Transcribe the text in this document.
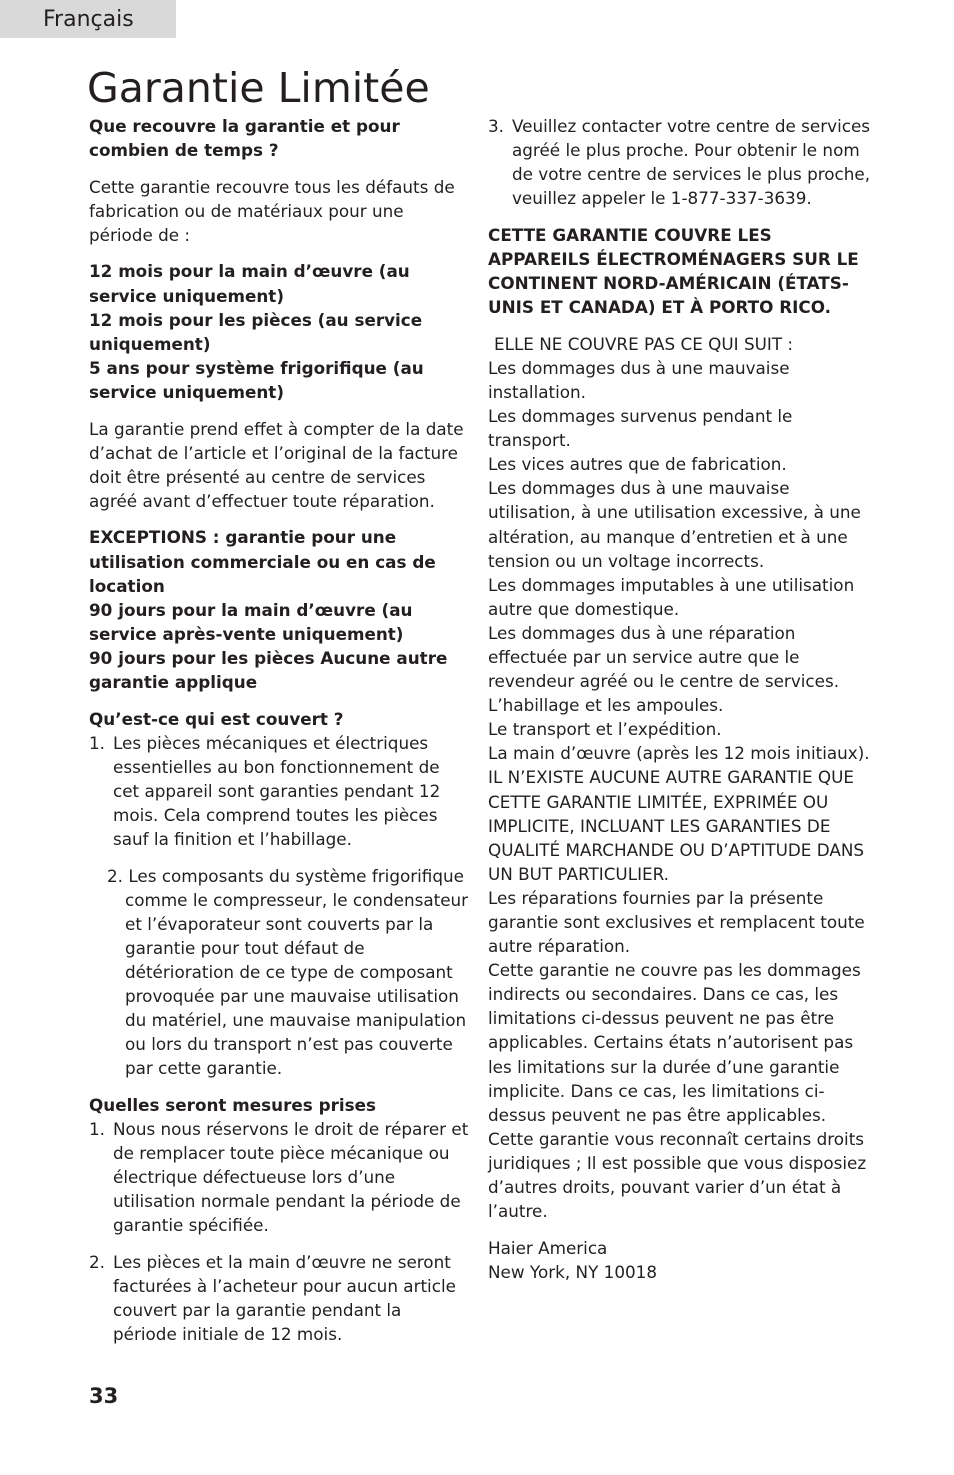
Français
Garantie Limitée

Que recouvre la garantie et pour combien de temps ?

Cette garantie recouvre tous les défauts de fabrication ou de matériaux pour une période de :

12 mois pour la main d’œuvre (au service uniquement)

12 mois pour les pièces (au service uniquement)

5 ans pour système frigorifique (au service uniquement)

La garantie prend effet à compter de la date d’achat de l’article et l’original de la facture doit être présenté au centre de services agréé avant d’effectuer toute réparation.

EXCEPTIONS : garantie pour une utilisation commerciale ou en cas de location

90 jours pour la main d’œuvre (au service après-vente uniquement)

90 jours pour les pièces Aucune autre

garantie applique

Qu’est-ce qui est couvert ?

1. Les pièces mécaniques et électriques essentielles au bon fonctionnement de cet appareil sont garanties pendant 12 mois. Cela comprend toutes les pièces sauf la finition et l’habillage.
2. Les composants du système frigorifique comme le compresseur, le condensateur et l’évaporateur sont couverts par la garantie pour tout défaut de détérioration de ce type de composant provoquée par une mauvaise utilisation du matériel, une mauvaise manipulation ou lors du transport n’est pas couverte par cette garantie.

Quelles seront mesures prises

1. Nous nous réservons le droit de réparer et de remplacer toute pièce mécanique ou électrique défectueuse lors d’une utilisation normale pendant la période de garantie spécifiée.
2. Les pièces et la main d’œuvre ne seront facturées à l’acheteur pour aucun article couvert par la garantie pendant la période initiale de 12 mois.
3. Veuillez contacter votre centre de services agréé le plus proche. Pour obtenir le nom de votre centre de services le plus proche, veuillez appeler le 1-877-337-3639.

CETTE GARANTIE COUVRE LES APPAREILS ÉLECTROMÉNAGERS SUR LE CONTINENT NORD-AMÉRICAIN (ÉTATS-UNIS ET CANADA) ET À PORTO RICO.

ELLE NE COUVRE PAS CE QUI SUIT :

Les dommages dus à une mauvaise installation.

Les dommages survenus pendant le transport.

Les vices autres que de fabrication.

Les dommages dus à une mauvaise utilisation, à une utilisation excessive, à une altération, au manque d’entretien et à une tension ou un voltage incorrects.

Les dommages imputables à une utilisation autre que domestique.

Les dommages dus à une réparation effectuée par un service autre que le revendeur agréé ou le centre de services.

L’habillage et les ampoules.

Le transport et l’expédition.

La main d’œuvre (après les 12 mois initiaux).

IL N’EXISTE AUCUNE AUTRE GARANTIE QUE CETTE GARANTIE LIMITÉE, EXPRIMÉE OU IMPLICITE, INCLUANT LES GARANTIES DE QUALITÉ MARCHANDE OU D’APTITUDE DANS UN BUT PARTICULIER.

Les réparations fournies par la présente garantie sont exclusives et remplacent toute autre réparation.

Cette garantie ne couvre pas les dommages indirects ou secondaires. Dans ce cas, les limitations ci-dessus peuvent ne pas être applicables. Certains états n’autorisent pas les limitations sur la durée d’une garantie implicite. Dans ce cas, les limitations ci-dessus peuvent ne pas être applicables.

Cette garantie vous reconnaît certains droits juridiques ; Il est possible que vous disposiez d’autres droits, pouvant varier d’un état à l’autre.

Haier America

New York, NY 10018

33
